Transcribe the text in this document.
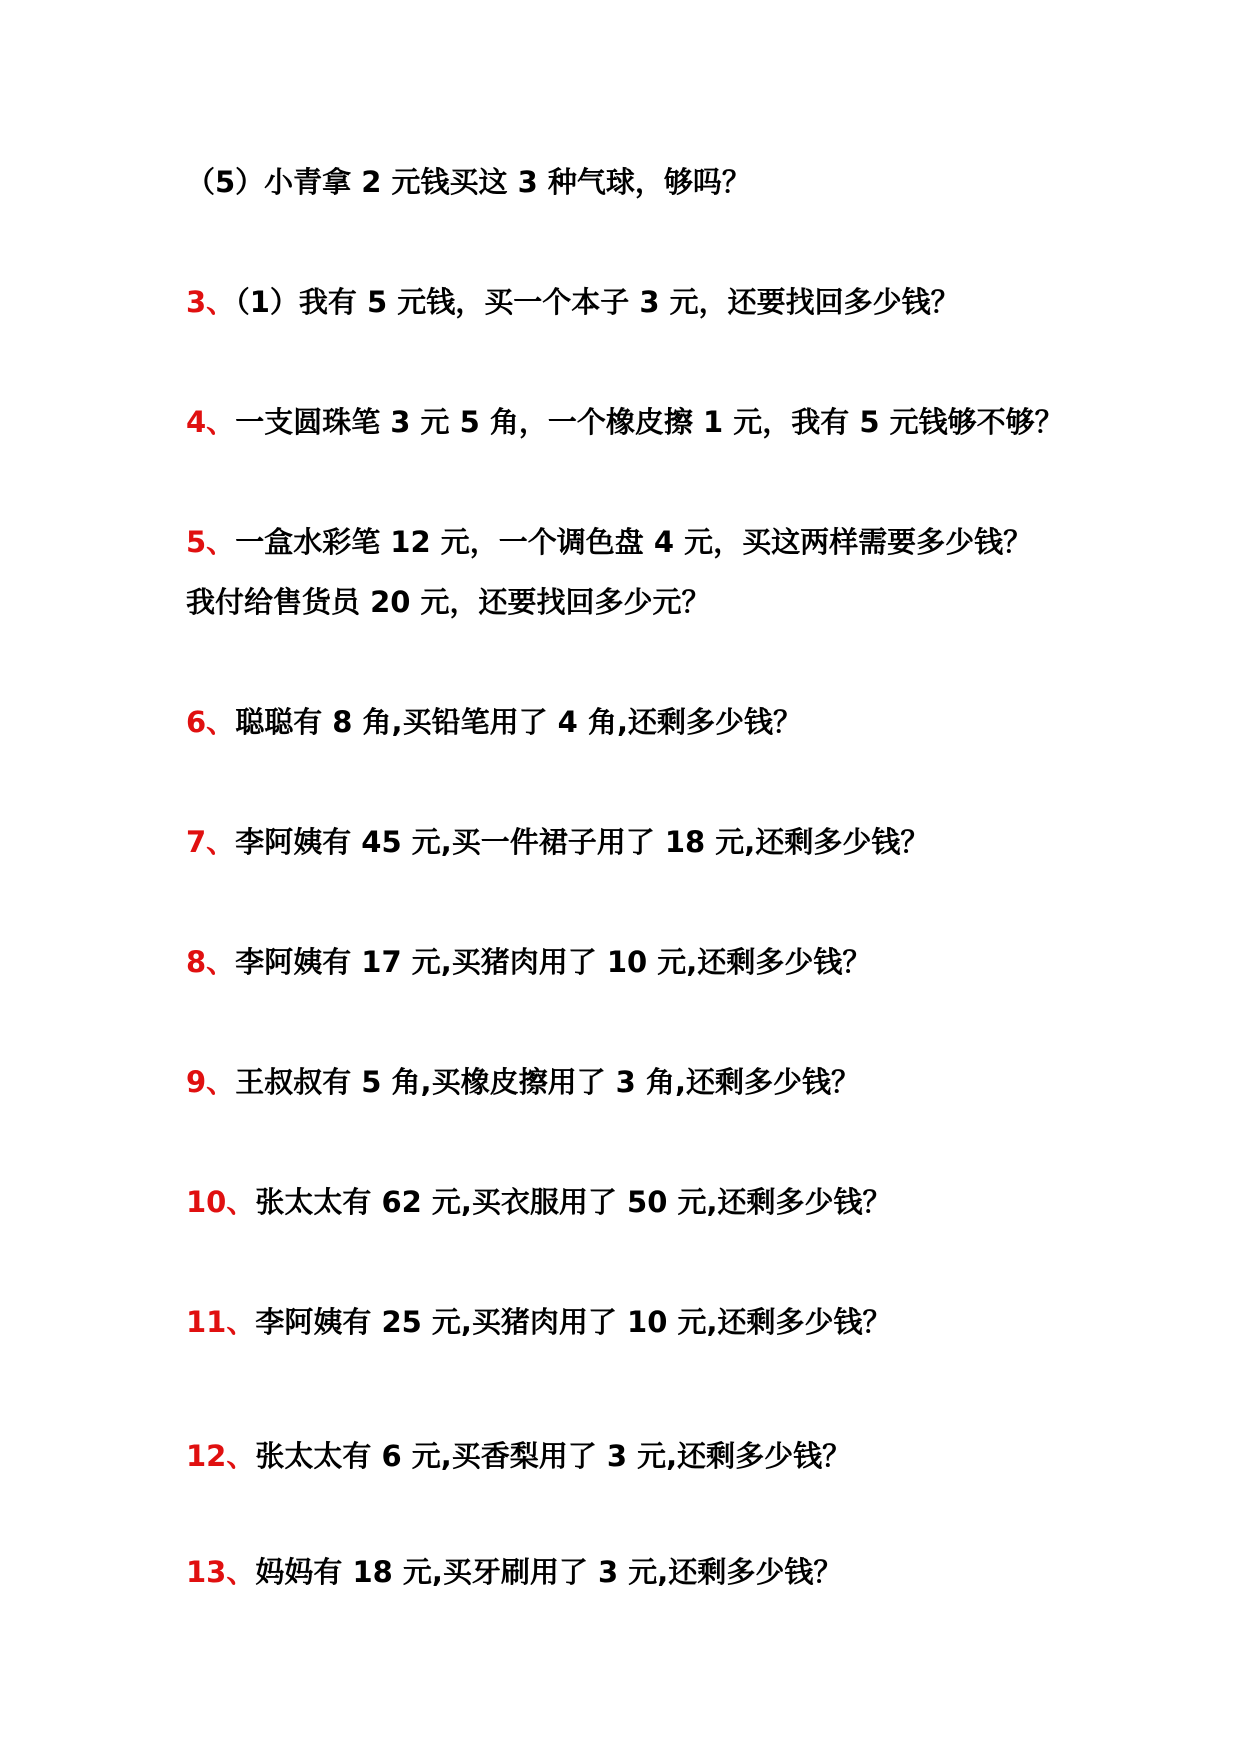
（5）小青拿 2 元钱买这 3 种气球，够吗？
3、（1）我有 5 元钱，买一个本子 3 元，还要找回多少钱？
4、一支圆珠笔 3 元 5 角，一个橡皮擦 1 元，我有 5 元钱够不够？
5、一盒水彩笔 12 元，一个调色盘 4 元，买这两样需要多少钱？
我付给售货员 20 元，还要找回多少元？
6、聪聪有 8 角,买铅笔用了 4 角,还剩多少钱？
7、李阿姨有 45 元,买一件裙子用了 18 元,还剩多少钱？
8、李阿姨有 17 元,买猪肉用了 10 元,还剩多少钱？
9、王叔叔有 5 角,买橡皮擦用了 3 角,还剩多少钱？
10、张太太有 62 元,买衣服用了 50 元,还剩多少钱？
11、李阿姨有 25 元,买猪肉用了 10 元,还剩多少钱？
12、张太太有 6 元,买香梨用了 3 元,还剩多少钱？
13、妈妈有 18 元,买牙刷用了 3 元,还剩多少钱？
